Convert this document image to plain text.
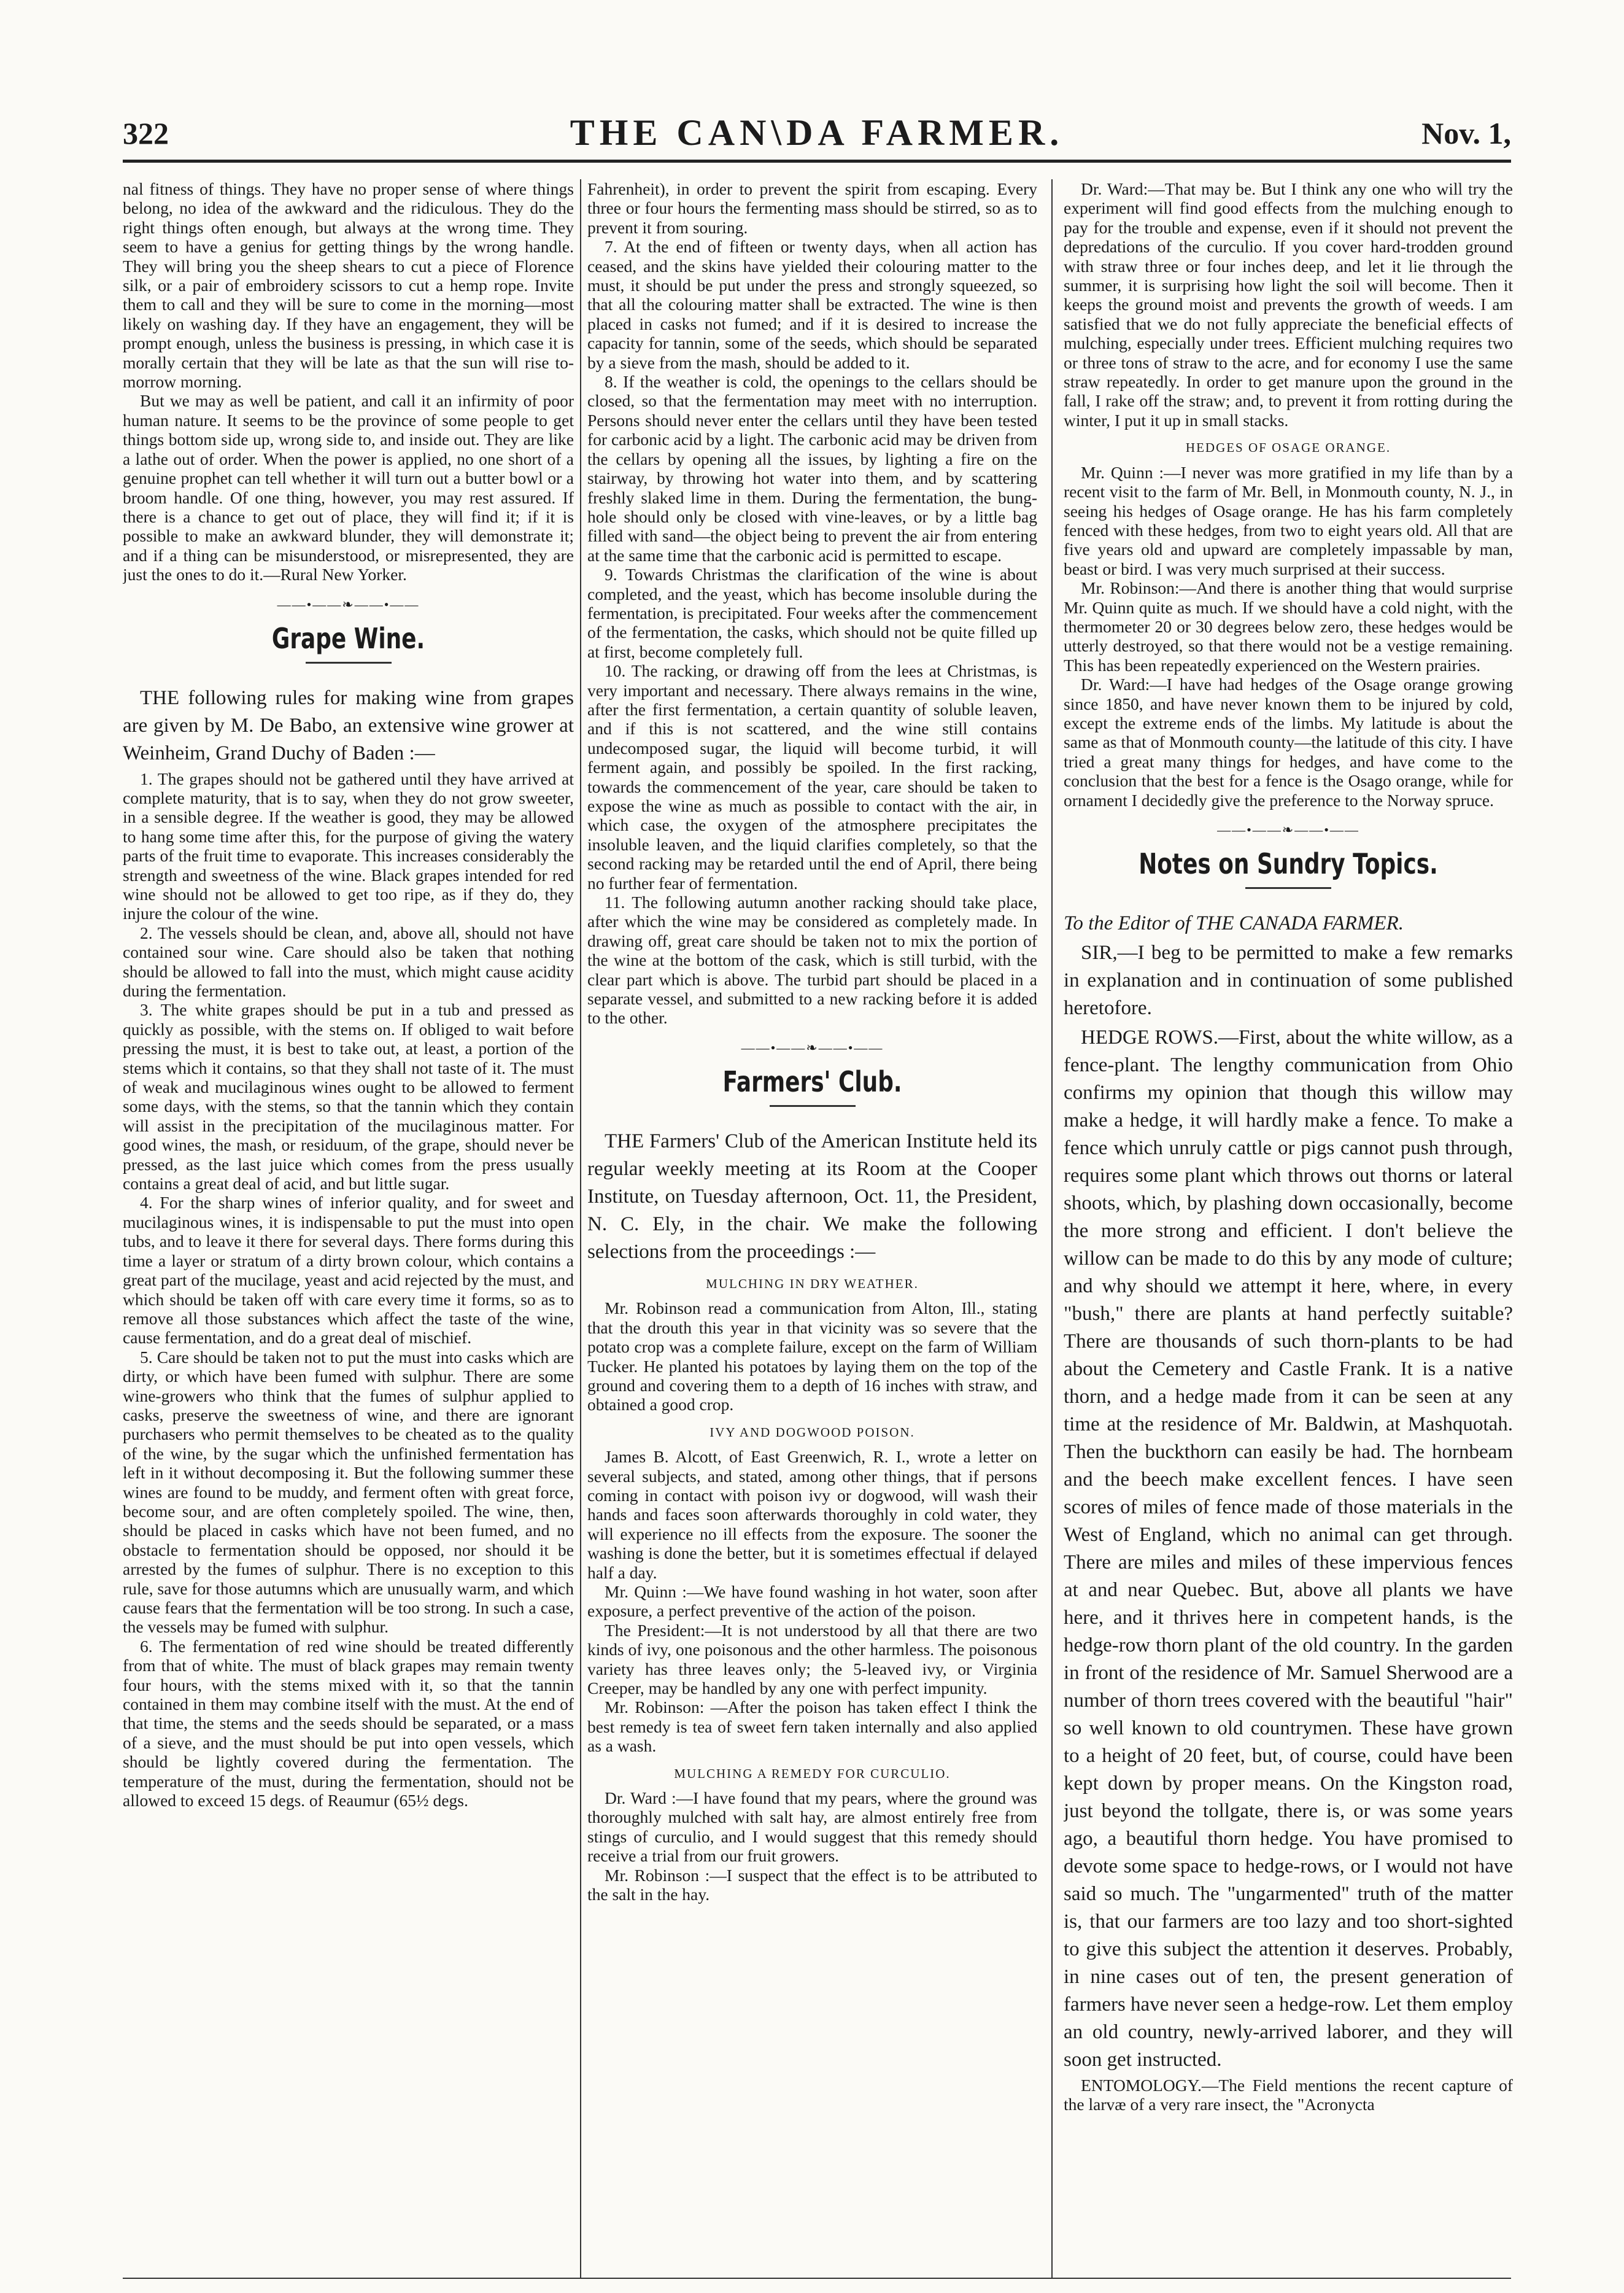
322	THE CAN\DA FARMER.	Nov. 1,

nal fitness of things. They have no proper sense of where things belong, no idea of the awkward and the ridiculous. They do the right things often enough, but always at the wrong time. They seem to have a genius for getting things by the wrong handle. They will bring you the sheep shears to cut a piece of Florence silk, or a pair of embroidery scissors to cut a hemp rope. Invite them to call and they will be sure to come in the morning—most likely on washing day. If they have an engagement, they will be prompt enough, unless the business is pressing, in which case it is morally certain that they will be late as that the sun will rise to-morrow morning.

But we may as well be patient, and call it an infirmity of poor human nature. It seems to be the province of some people to get things bottom side up, wrong side to, and inside out. They are like a lathe out of order. When the power is applied, no one short of a genuine prophet can tell whether it will turn out a butter bowl or a broom handle. Of one thing, however, you may rest assured. If there is a chance to get out of place, they will find it; if it is possible to make an awkward blunder, they will demonstrate it; and if a thing can be misunderstood, or misrepresented, they are just the ones to do it.—Rural New Yorker.

——•——❧——•——
Grape Wine.

THE following rules for making wine from grapes are given by M. De Babo, an extensive wine grower at Weinheim, Grand Duchy of Baden :—

1. The grapes should not be gathered until they have arrived at complete maturity, that is to say, when they do not grow sweeter, in a sensible degree. If the weather is good, they may be allowed to hang some time after this, for the purpose of giving the watery parts of the fruit time to evaporate. This increases considerably the strength and sweetness of the wine. Black grapes intended for red wine should not be allowed to get too ripe, as if they do, they injure the colour of the wine.

2. The vessels should be clean, and, above all, should not have contained sour wine. Care should also be taken that nothing should be allowed to fall into the must, which might cause acidity during the fermentation.

3. The white grapes should be put in a tub and pressed as quickly as possible, with the stems on. If obliged to wait before pressing the must, it is best to take out, at least, a portion of the stems which it contains, so that they shall not taste of it. The must of weak and mucilaginous wines ought to be allowed to ferment some days, with the stems, so that the tannin which they contain will assist in the precipitation of the mucilaginous matter. For good wines, the mash, or residuum, of the grape, should never be pressed, as the last juice which comes from the press usually contains a great deal of acid, and but little sugar.

4. For the sharp wines of inferior quality, and for sweet and mucilaginous wines, it is indispensable to put the must into open tubs, and to leave it there for several days. There forms during this time a layer or stratum of a dirty brown colour, which contains a great part of the mucilage, yeast and acid rejected by the must, and which should be taken off with care every time it forms, so as to remove all those substances which affect the taste of the wine, cause fermentation, and do a great deal of mischief.

5. Care should be taken not to put the must into casks which are dirty, or which have been fumed with sulphur. There are some wine-growers who think that the fumes of sulphur applied to casks, preserve the sweetness of wine, and there are ignorant purchasers who permit themselves to be cheated as to the quality of the wine, by the sugar which the unfinished fermentation has left in it without decomposing it. But the following summer these wines are found to be muddy, and ferment often with great force, become sour, and are often completely spoiled. The wine, then, should be placed in casks which have not been fumed, and no obstacle to fermentation should be opposed, nor should it be arrested by the fumes of sulphur. There is no exception to this rule, save for those autumns which are unusually warm, and which cause fears that the fermentation will be too strong. In such a case, the vessels may be fumed with sulphur.

6. The fermentation of red wine should be treated differently from that of white. The must of black grapes may remain twenty four hours, with the stems mixed with it, so that the tannin contained in them may combine itself with the must. At the end of that time, the stems and the seeds should be separated, or a mass of a sieve, and the must should be put into open vessels, which should be lightly covered during the fermentation. The temperature of the must, during the fermentation, should not be allowed to exceed 15 degs. of Reaumur (65½ degs.

Fahrenheit), in order to prevent the spirit from escaping. Every three or four hours the fermenting mass should be stirred, so as to prevent it from souring.

7. At the end of fifteen or twenty days, when all action has ceased, and the skins have yielded their colouring matter to the must, it should be put under the press and strongly squeezed, so that all the colouring matter shall be extracted. The wine is then placed in casks not fumed; and if it is desired to increase the capacity for tannin, some of the seeds, which should be separated by a sieve from the mash, should be added to it.

8. If the weather is cold, the openings to the cellars should be closed, so that the fermentation may meet with no interruption. Persons should never enter the cellars until they have been tested for carbonic acid by a light. The carbonic acid may be driven from the cellars by opening all the issues, by lighting a fire on the stairway, by throwing hot water into them, and by scattering freshly slaked lime in them. During the fermentation, the bung-hole should only be closed with vine-leaves, or by a little bag filled with sand—the object being to prevent the air from entering at the same time that the carbonic acid is permitted to escape.

9. Towards Christmas the clarification of the wine is about completed, and the yeast, which has become insoluble during the fermentation, is precipitated. Four weeks after the commencement of the fermentation, the casks, which should not be quite filled up at first, become completely full.

10. The racking, or drawing off from the lees at Christmas, is very important and necessary. There always remains in the wine, after the first fermentation, a certain quantity of soluble leaven, and if this is not scattered, and the wine still contains undecomposed sugar, the liquid will become turbid, it will ferment again, and possibly be spoiled. In the first racking, towards the commencement of the year, care should be taken to expose the wine as much as possible to contact with the air, in which case, the oxygen of the atmosphere precipitates the insoluble leaven, and the liquid clarifies completely, so that the second racking may be retarded until the end of April, there being no further fear of fermentation.

11. The following autumn another racking should take place, after which the wine may be considered as completely made. In drawing off, great care should be taken not to mix the portion of the wine at the bottom of the cask, which is still turbid, with the clear part which is above. The turbid part should be placed in a separate vessel, and submitted to a new racking before it is added to the other.

——•——❧——•——
Farmers' Club.

THE Farmers' Club of the American Institute held its regular weekly meeting at its Room at the Cooper Institute, on Tuesday afternoon, Oct. 11, the President, N. C. Ely, in the chair. We make the following selections from the proceedings :—

MULCHING IN DRY WEATHER.

Mr. Robinson read a communication from Alton, Ill., stating that the drouth this year in that vicinity was so severe that the potato crop was a complete failure, except on the farm of William Tucker. He planted his potatoes by laying them on the top of the ground and covering them to a depth of 16 inches with straw, and obtained a good crop.

IVY AND DOGWOOD POISON.

James B. Alcott, of East Greenwich, R. I., wrote a letter on several subjects, and stated, among other things, that if persons coming in contact with poison ivy or dogwood, will wash their hands and faces soon afterwards thoroughly in cold water, they will experience no ill effects from the exposure. The sooner the washing is done the better, but it is sometimes effectual if delayed half a day.

Mr. Quinn :—We have found washing in hot water, soon after exposure, a perfect preventive of the action of the poison.

The President:—It is not understood by all that there are two kinds of ivy, one poisonous and the other harmless. The poisonous variety has three leaves only; the 5-leaved ivy, or Virginia Creeper, may be handled by any one with perfect impunity.

Mr. Robinson: —After the poison has taken effect I think the best remedy is tea of sweet fern taken internally and also applied as a wash.

MULCHING A REMEDY FOR CURCULIO.

Dr. Ward :—I have found that my pears, where the ground was thoroughly mulched with salt hay, are almost entirely free from stings of curculio, and I would suggest that this remedy should receive a trial from our fruit growers.

Mr. Robinson :—I suspect that the effect is to be attributed to the salt in the hay.

Dr. Ward:—That may be. But I think any one who will try the experiment will find good effects from the mulching enough to pay for the trouble and expense, even if it should not prevent the depredations of the curculio. If you cover hard-trodden ground with straw three or four inches deep, and let it lie through the summer, it is surprising how light the soil will become. Then it keeps the ground moist and prevents the growth of weeds. I am satisfied that we do not fully appreciate the beneficial effects of mulching, especially under trees. Efficient mulching requires two or three tons of straw to the acre, and for economy I use the same straw repeatedly. In order to get manure upon the ground in the fall, I rake off the straw; and, to prevent it from rotting during the winter, I put it up in small stacks.

HEDGES OF OSAGE ORANGE.

Mr. Quinn :—I never was more gratified in my life than by a recent visit to the farm of Mr. Bell, in Monmouth county, N. J., in seeing his hedges of Osage orange. He has his farm completely fenced with these hedges, from two to eight years old. All that are five years old and upward are completely impassable by man, beast or bird. I was very much surprised at their success.

Mr. Robinson:—And there is another thing that would surprise Mr. Quinn quite as much. If we should have a cold night, with the thermometer 20 or 30 degrees below zero, these hedges would be utterly destroyed, so that there would not be a vestige remaining. This has been repeatedly experienced on the Western prairies.

Dr. Ward:—I have had hedges of the Osage orange growing since 1850, and have never known them to be injured by cold, except the extreme ends of the limbs. My latitude is about the same as that of Monmouth county—the latitude of this city. I have tried a great many things for hedges, and have come to the conclusion that the best for a fence is the Osago orange, while for ornament I decidedly give the preference to the Norway spruce.

——•——❧——•——
Notes on Sundry Topics.

To the Editor of THE CANADA FARMER.

SIR,—I beg to be permitted to make a few remarks in explanation and in continuation of some published heretofore.

HEDGE ROWS.—First, about the white willow, as a fence-plant. The lengthy communication from Ohio confirms my opinion that though this willow may make a hedge, it will hardly make a fence. To make a fence which unruly cattle or pigs cannot push through, requires some plant which throws out thorns or lateral shoots, which, by plashing down occasionally, become the more strong and efficient. I don't believe the willow can be made to do this by any mode of culture; and why should we attempt it here, where, in every "bush," there are plants at hand perfectly suitable? There are thousands of such thorn-plants to be had about the Cemetery and Castle Frank. It is a native thorn, and a hedge made from it can be seen at any time at the residence of Mr. Baldwin, at Mashquotah. Then the buckthorn can easily be had. The hornbeam and the beech make excellent fences. I have seen scores of miles of fence made of those materials in the West of England, which no animal can get through. There are miles and miles of these impervious fences at and near Quebec. But, above all plants we have here, and it thrives here in competent hands, is the hedge-row thorn plant of the old country. In the garden in front of the residence of Mr. Samuel Sherwood are a number of thorn trees covered with the beautiful "hair" so well known to old countrymen. These have grown to a height of 20 feet, but, of course, could have been kept down by proper means. On the Kingston road, just beyond the tollgate, there is, or was some years ago, a beautiful thorn hedge. You have promised to devote some space to hedge-rows, or I would not have said so much. The "ungarmented" truth of the matter is, that our farmers are too lazy and too short-sighted to give this subject the attention it deserves. Probably, in nine cases out of ten, the present generation of farmers have never seen a hedge-row. Let them employ an old country, newly-arrived laborer, and they will soon get instructed.

ENTOMOLOGY.—The Field mentions the recent capture of the larvæ of a very rare insect, the "Acronycta
